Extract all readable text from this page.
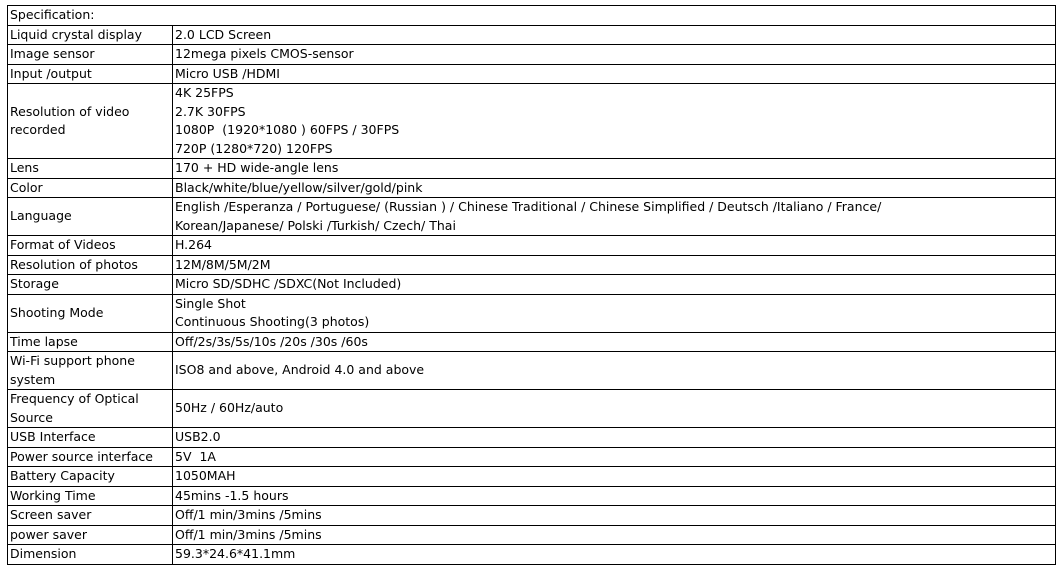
Specification:	
Liquid crystal display	2.0 LCD Screen

Image sensor	12mega pixels CMOS-sensor

Input /output	Micro USB /HDMI

Resolution of video recorded	4K 25FPS
2.7K 30FPS
1080P  (1920*1080 ) 60FPS / 30FPS
720P (1280*720) 120FPS

Lens	170 + HD wide-angle lens

Color	Black/white/blue/yellow/silver/gold/pink

Language	English /Esperanza / Portuguese/ (Russian ) / Chinese Traditional / Chinese Simplified / Deutsch /Italiano / France/
Korean/Japanese/ Polski /Turkish/ Czech/ Thai

Format of Videos	H.264

Resolution of photos	12M/8M/5M/2M

Storage	Micro SD/SDHC /SDXC(Not Included)

Shooting Mode	Single Shot
Continuous Shooting(3 photos)

Time lapse	Off/2s/3s/5s/10s /20s /30s /60s

Wi-Fi support phone system	ISO8 and above, Android 4.0 and above

Frequency of Optical Source	50Hz / 60Hz/auto

USB Interface	USB2.0

Power source interface	5V  1A

Battery Capacity	1050MAH

Working Time	45mins -1.5 hours

Screen saver	Off/1 min/3mins /5mins

power saver	Off/1 min/3mins /5mins

Dimension	59.3*24.6*41.1mm
